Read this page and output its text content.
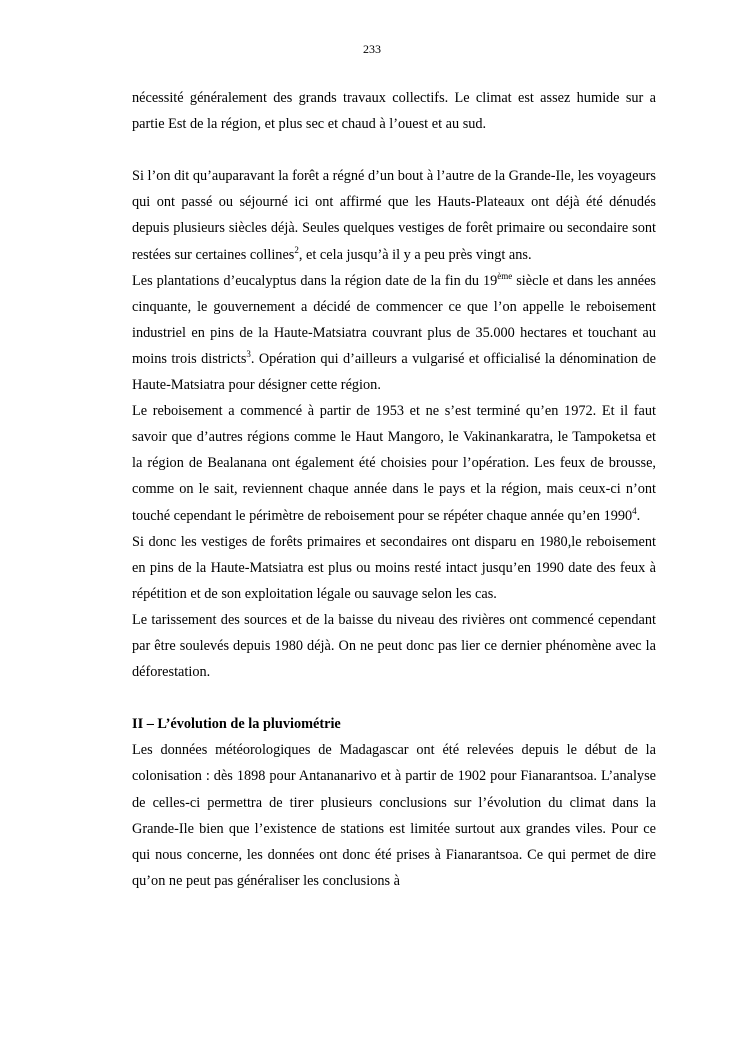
233

nécessité généralement des grands travaux collectifs. Le climat est assez humide sur a partie Est de la région, et plus sec et chaud à l’ouest et au sud.

Si l’on dit qu’auparavant la forêt a régné d’un bout à l’autre de la Grande-Ile, les voyageurs qui ont passé ou séjourné ici ont affirmé que les Hauts-Plateaux ont déjà été dénudés depuis plusieurs siècles déjà. Seules quelques vestiges de forêt primaire ou secondaire sont restées sur certaines collines$^2$, et cela jusqu’à il y a peu près vingt ans.

Les plantations d’eucalyptus dans la région date de la fin du 19ème siècle et dans les années cinquante, le gouvernement a décidé de commencer ce que l’on appelle le reboisement industriel en pins de la Haute-Matsiatra couvrant plus de 35.000 hectares et touchant au moins trois districts$^3$. Opération qui d’ailleurs a vulgarisé et officialisé la dénomination de Haute-Matsiatra pour désigner cette région.

Le reboisement a commencé à partir de 1953 et ne s’est terminé qu’en 1972. Et il faut savoir que d’autres régions comme le Haut Mangoro, le Vakinankaratra, le Tampoketsa et la région de Bealanana ont également été choisies pour l’opération. Les feux de brousse, comme on le sait, reviennent chaque année dans le pays et la région, mais ceux-ci n’ont touché cependant le périmètre de reboisement pour se répéter chaque année qu’en 1990$^4$.

Si donc les vestiges de forêts primaires et secondaires ont disparu en 1980,le reboisement en pins de la Haute-Matsiatra est plus ou moins resté intact jusqu’en 1990 date des feux à répétition et de son exploitation légale ou sauvage selon les cas.

Le tarissement des sources et de la baisse du niveau des rivières ont commencé cependant par être soulevés depuis 1980 déjà. On ne peut donc pas lier ce dernier phénomène avec la déforestation.

II – L’évolution de la pluviométrie

Les données météorologiques de Madagascar ont été relevées depuis le début de la colonisation : dès 1898 pour Antananarivo et à partir de 1902 pour Fianarantsoa. L’analyse de celles-ci permettra de tirer plusieurs conclusions sur l’évolution du climat dans la Grande-Ile bien que l’existence de stations est limitée surtout aux grandes viles. Pour ce qui nous concerne, les données ont donc été prises à Fianarantsoa. Ce qui permet de dire qu’on ne peut pas généraliser les conclusions à
